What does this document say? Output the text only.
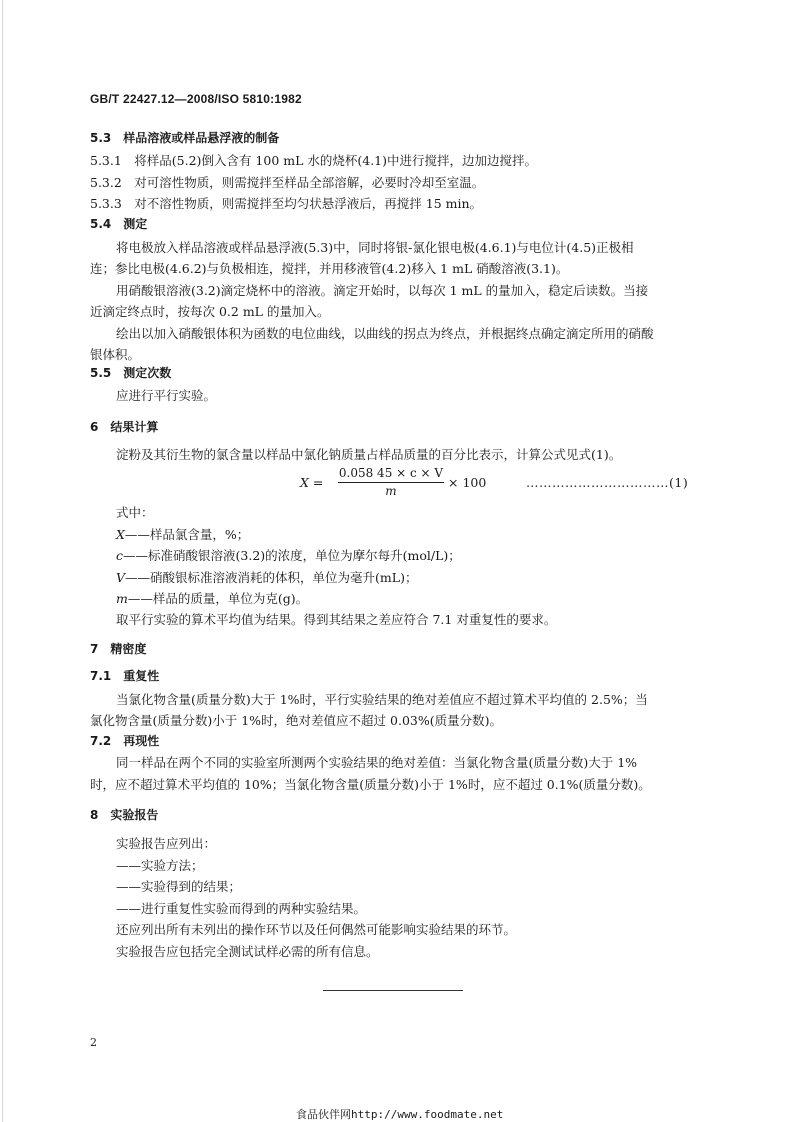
GB/T 22427.12—2008/ISO 5810:1982
5.3　样品溶液或样品悬浮液的制备
5.3.1　将样品(5.2)倒入含有 100 mL 水的烧杯(4.1)中进行搅拌，边加边搅拌。
5.3.2　对可溶性物质，则需搅拌至样品全部溶解，必要时冷却至室温。
5.3.3　对不溶性物质，则需搅拌至均匀状悬浮液后，再搅拌 15 min。
5.4　测定
将电极放入样品溶液或样品悬浮液(5.3)中，同时将银-氯化银电极(4.6.1)与电位计(4.5)正极相
连；参比电极(4.6.2)与负极相连，搅拌，并用移液管(4.2)移入 1 mL 硝酸溶液(3.1)。
用硝酸银溶液(3.2)滴定烧杯中的溶液。滴定开始时，以每次 1 mL 的量加入，稳定后读数。当接
近滴定终点时，按每次 0.2 mL 的量加入。
绘出以加入硝酸银体积为函数的电位曲线，以曲线的拐点为终点，并根据终点确定滴定所用的硝酸
银体积。
5.5　测定次数
应进行平行实验。
6　结果计算
淀粉及其衍生物的氯含量以样品中氯化钠质量占样品质量的百分比表示，计算公式见式(1)。
$X = \frac{0.058 45 \times c \times V}{m} \times 100$	……………………………(1)
式中：
X——样品氯含量，%；
c——标准硝酸银溶液(3.2)的浓度，单位为摩尔每升(mol/L)；
V——硝酸银标准溶液消耗的体积，单位为毫升(mL)；
m——样品的质量，单位为克(g)。
取平行实验的算术平均值为结果。得到其结果之差应符合 7.1 对重复性的要求。
7　精密度
7.1　重复性
当氯化物含量(质量分数)大于 1%时，平行实验结果的绝对差值应不超过算术平均值的 2.5%；当
氯化物含量(质量分数)小于 1%时，绝对差值应不超过 0.03%(质量分数)。
7.2　再现性
同一样品在两个不同的实验室所测两个实验结果的绝对差值：当氯化物含量(质量分数)大于 1%
时，应不超过算术平均值的 10%；当氯化物含量(质量分数)小于 1%时，应不超过 0.1%(质量分数)。
8　实验报告
实验报告应列出：
——实验方法；
——实验得到的结果；
——进行重复性实验而得到的两种实验结果。
还应列出所有未列出的操作环节以及任何偶然可能影响实验结果的环节。
实验报告应包括完全测试试样必需的所有信息。
2
食品伙伴网http://www.foodmate.net
